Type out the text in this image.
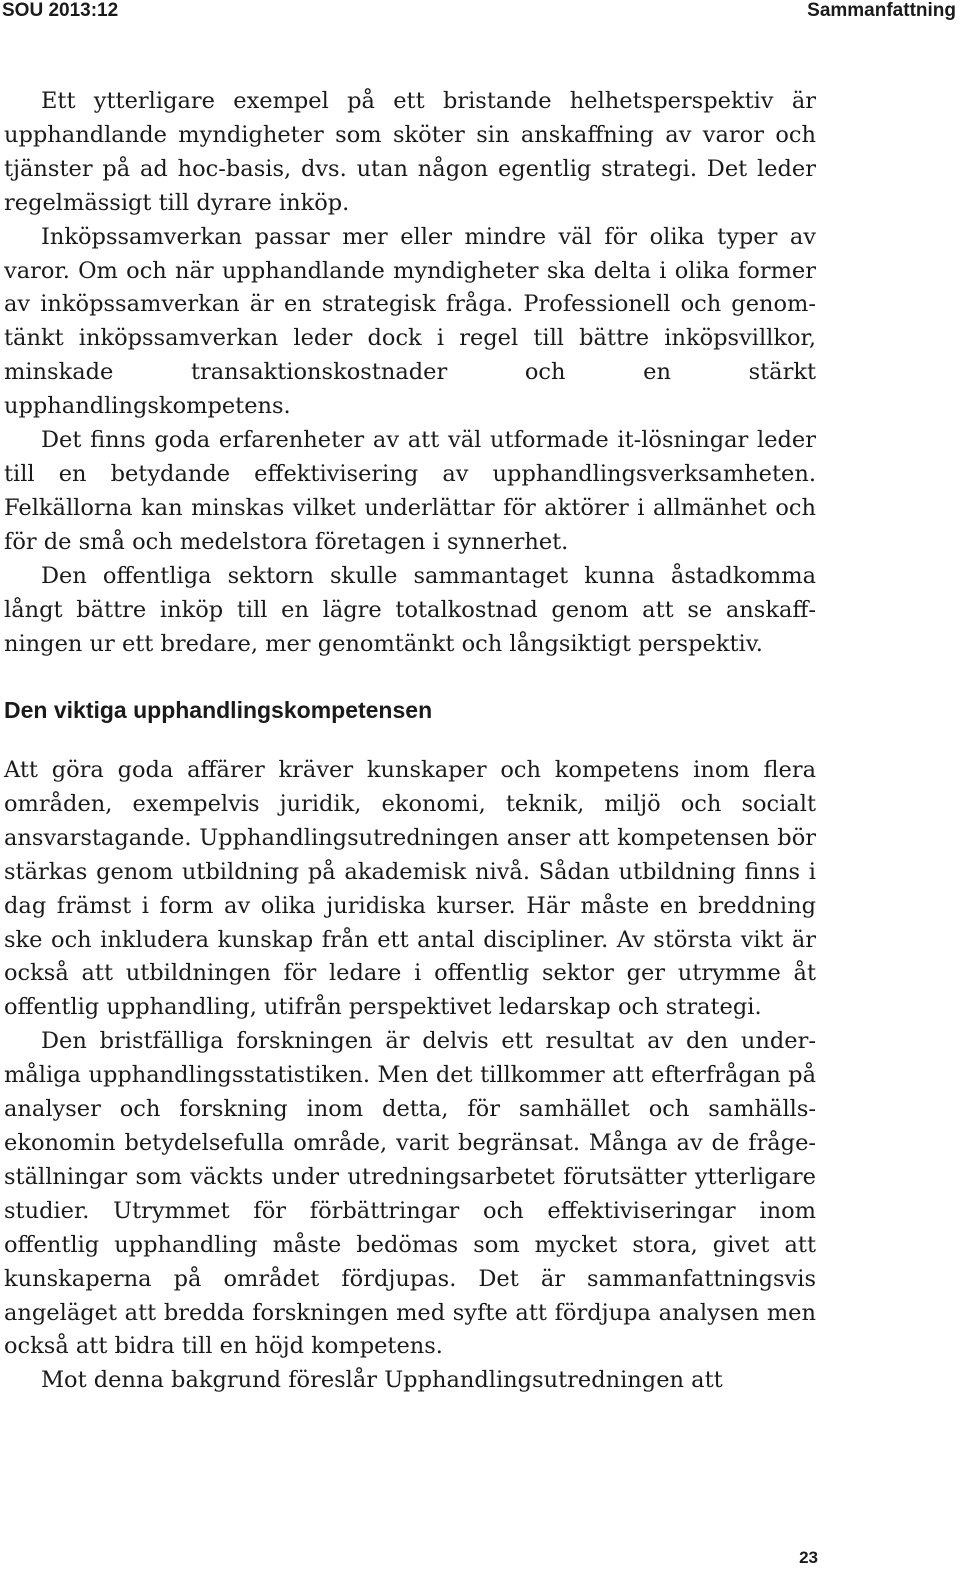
SOU 2013:12	Sammanfattning

Ett ytterligare exempel på ett bristande helhetsperspektiv är upphandlande myndigheter som sköter sin anskaffning av varor och tjänster på ad hoc-basis, dvs. utan någon egentlig strategi. Det leder regelmässigt till dyrare inköp.

Inköpssamverkan passar mer eller mindre väl för olika typer av varor. Om och när upphandlande myndigheter ska delta i olika former av inköpssamverkan är en strategisk fråga. Professionell och genomtänkt inköpssamverkan leder dock i regel till bättre inköpsvillkor, minskade transaktionskostnader och en stärkt upphandlingskompetens.

Det finns goda erfarenheter av att väl utformade it-lösningar leder till en betydande effektivisering av upphandlingsverksamheten. Felkällorna kan minskas vilket underlättar för aktörer i allmänhet och för de små och medelstora företagen i synnerhet.

Den offentliga sektorn skulle sammantaget kunna åstadkomma långt bättre inköp till en lägre totalkostnad genom att se anskaffningen ur ett bredare, mer genomtänkt och långsiktigt perspektiv.

Den viktiga upphandlingskompetensen

Att göra goda affärer kräver kunskaper och kompetens inom flera områden, exempelvis juridik, ekonomi, teknik, miljö och socialt ansvarstagande. Upphandlingsutredningen anser att kompetensen bör stärkas genom utbildning på akademisk nivå. Sådan utbildning finns i dag främst i form av olika juridiska kurser. Här måste en breddning ske och inkludera kunskap från ett antal discipliner. Av största vikt är också att utbildningen för ledare i offentlig sektor ger utrymme åt offentlig upphandling, utifrån perspektivet ledarskap och strategi.

Den bristfälliga forskningen är delvis ett resultat av den undermåliga upphandlingsstatistiken. Men det tillkommer att efterfrågan på analyser och forskning inom detta, för samhället och samhällsekonomin betydelsefulla område, varit begränsat. Många av de frågeställningar som väckts under utredningsarbetet förutsätter ytterligare studier. Utrymmet för förbättringar och effektiviseringar inom offentlig upphandling måste bedömas som mycket stora, givet att kunskaperna på området fördjupas. Det är sammanfattningsvis angeläget att bredda forskningen med syfte att fördjupa analysen men också att bidra till en höjd kompetens.

Mot denna bakgrund föreslår Upphandlingsutredningen att

23
